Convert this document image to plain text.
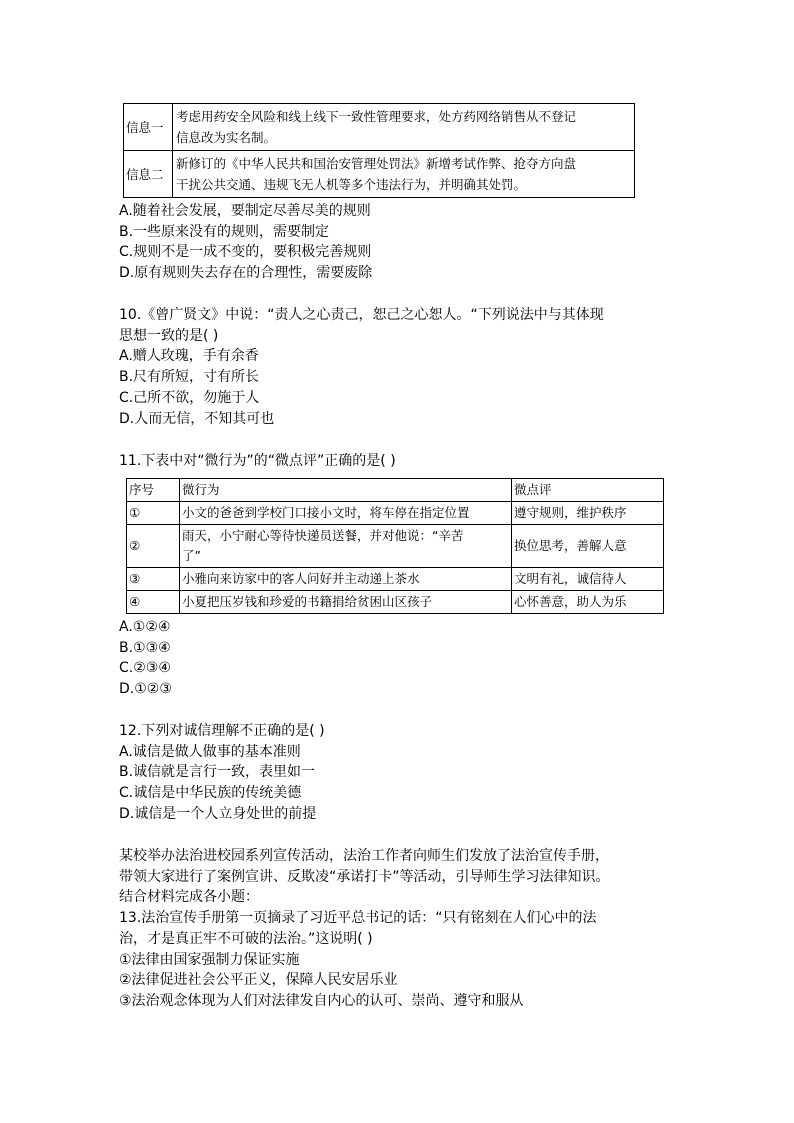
信息一	考虑用药安全风险和线上线下一致性管理要求，处方药网络销售从不登记
信息改为实名制。

信息二	新修订的《中华人民共和国治安管理处罚法》新增考试作弊、抢夺方向盘
干扰公共交通、违规飞无人机等多个违法行为，并明确其处罚。

A.随着社会发展，要制定尽善尽美的规则

B.一些原来没有的规则，需要制定

C.规则不是一成不变的，要积极完善规则

D.原有规则失去存在的合理性，需要废除

10.《曾广贤文》中说：“责人之心责己，恕己之心恕人。“下列说法中与其体现

思想一致的是( )

A.赠人玫瑰，手有余香

B.尺有所短，寸有所长

C.己所不欲，勿施于人

D.人而无信，不知其可也

11.下表中对“微行为”的“微点评”正确的是( )

序号	微行为	微点评
①	小文的爸爸到学校门口接小文时，将车停在指定位置	遵守规则，维护秩序
②	雨天，小宁耐心等待快递员送餐，并对他说：“辛苦
了”	换位思考，善解人意
③	小雅向来访家中的客人问好并主动递上茶水	文明有礼，诚信待人
④	小夏把压岁钱和珍爱的书籍捐给贫困山区孩子	心怀善意，助人为乐

A.①②④

B.①③④

C.②③④

D.①②③

12.下列对诚信理解不正确的是( )

A.诚信是做人做事的基本准则

B.诚信就是言行一致，表里如一

C.诚信是中华民族的传统美德

D.诚信是一个人立身处世的前提

某校举办法治进校园系列宣传活动，法治工作者向师生们发放了法治宣传手册，

带领大家进行了案例宣讲、反欺凌“承诺打卡”等活动，引导师生学习法律知识。

结合材料完成各小题：

13.法治宣传手册第一页摘录了习近平总书记的话：“只有铭刻在人们心中的法

治，才是真正牢不可破的法治。”这说明( )

①法律由国家强制力保证实施

②法律促进社会公平正义，保障人民安居乐业

③法治观念体现为人们对法律发自内心的认可、崇尚、遵守和服从
